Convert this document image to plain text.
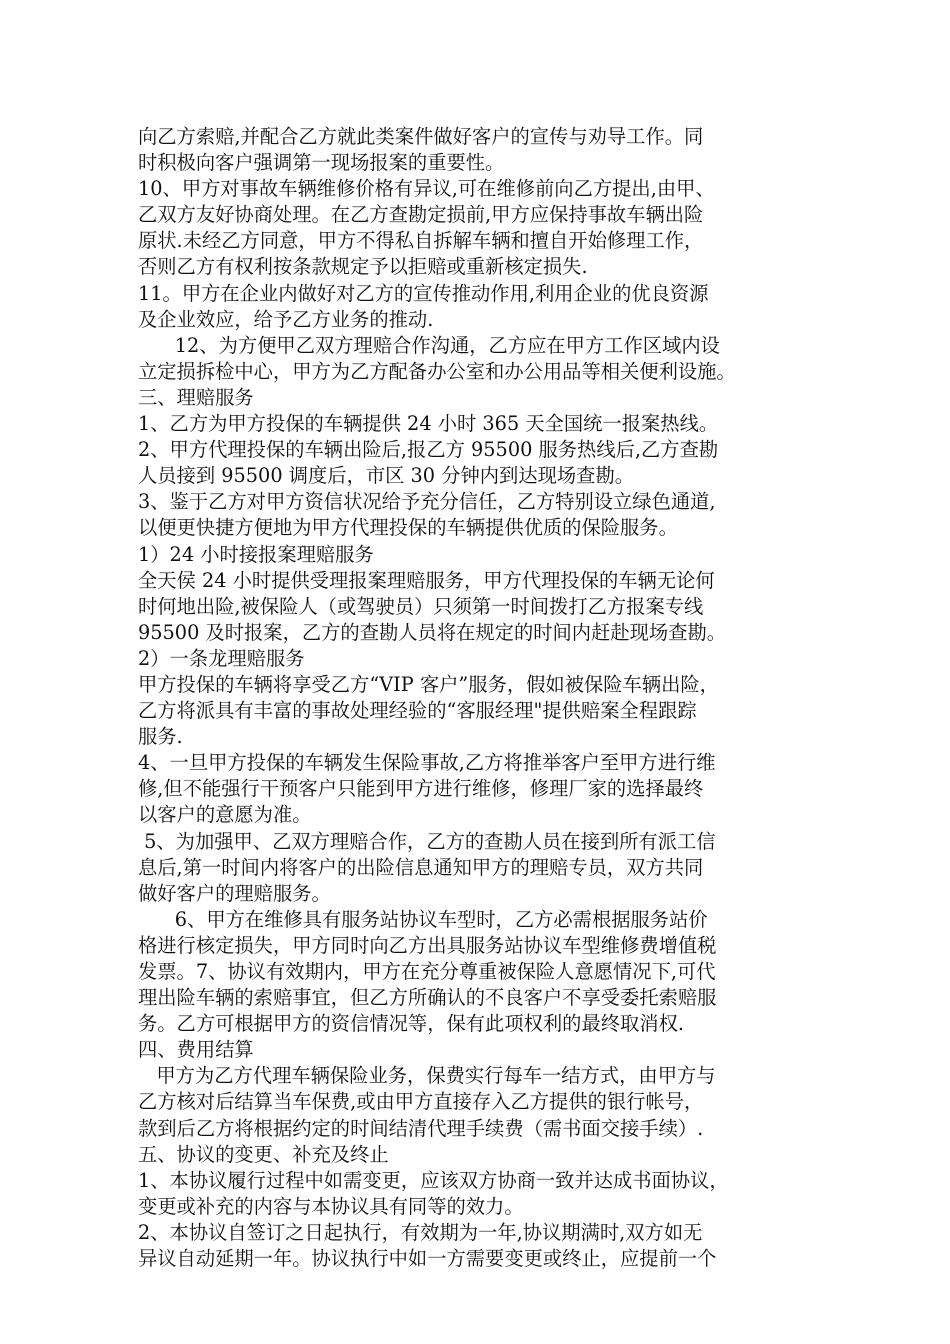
向乙方索赔,并配合乙方就此类案件做好客户的宣传与劝导工作。同
时积极向客户强调第一现场报案的重要性。
10、甲方对事故车辆维修价格有异议,可在维修前向乙方提出,由甲、
乙双方友好协商处理。在乙方查勘定损前,甲方应保持事故车辆出险
原状.未经乙方同意，甲方不得私自拆解车辆和擅自开始修理工作，
否则乙方有权利按条款规定予以拒赔或重新核定损失.
11。甲方在企业内做好对乙方的宣传推动作用,利用企业的优良资源
及企业效应，给予乙方业务的推动.
12、为方便甲乙双方理赔合作沟通，乙方应在甲方工作区域内设
立定损拆检中心，甲方为乙方配备办公室和办公用品等相关便利设施。
三、理赔服务
1、乙方为甲方投保的车辆提供 24 小时 365 天全国统一报案热线。
2、甲方代理投保的车辆出险后,报乙方 95500 服务热线后,乙方查勘
人员接到 95500 调度后，市区 30 分钟内到达现场查勘。
3、鉴于乙方对甲方资信状况给予充分信任，乙方特别设立绿色通道,
以便更快捷方便地为甲方代理投保的车辆提供优质的保险服务。
1）24 小时接报案理赔服务
全天侯 24 小时提供受理报案理赔服务，甲方代理投保的车辆无论何
时何地出险,被保险人（或驾驶员）只须第一时间拨打乙方报案专线
95500 及时报案，乙方的查勘人员将在规定的时间内赶赴现场查勘。
2）一条龙理赔服务
甲方投保的车辆将享受乙方“VIP 客户”服务，假如被保险车辆出险，
乙方将派具有丰富的事故处理经验的“客服经理"提供赔案全程跟踪
服务.
4、一旦甲方投保的车辆发生保险事故,乙方将推举客户至甲方进行维
修,但不能强行干预客户只能到甲方进行维修，修理厂家的选择最终
以客户的意愿为准。
5、为加强甲、乙双方理赔合作，乙方的查勘人员在接到所有派工信
息后,第一时间内将客户的出险信息通知甲方的理赔专员，双方共同
做好客户的理赔服务。
6、甲方在维修具有服务站协议车型时，乙方必需根据服务站价
格进行核定损失，甲方同时向乙方出具服务站协议车型维修费增值税
发票。7、协议有效期内，甲方在充分尊重被保险人意愿情况下,可代
理出险车辆的索赔事宜，但乙方所确认的不良客户不享受委托索赔服
务。乙方可根据甲方的资信情况等，保有此项权利的最终取消权.
四、费用结算
甲方为乙方代理车辆保险业务，保费实行每车一结方式，由甲方与
乙方核对后结算当车保费,或由甲方直接存入乙方提供的银行帐号，
款到后乙方将根据约定的时间结清代理手续费（需书面交接手续）.
五、协议的变更、补充及终止
1、本协议履行过程中如需变更，应该双方协商一致并达成书面协议，
变更或补充的内容与本协议具有同等的效力。
2、本协议自签订之日起执行，有效期为一年,协议期满时,双方如无
异议自动延期一年。协议执行中如一方需要变更或终止，应提前一个
